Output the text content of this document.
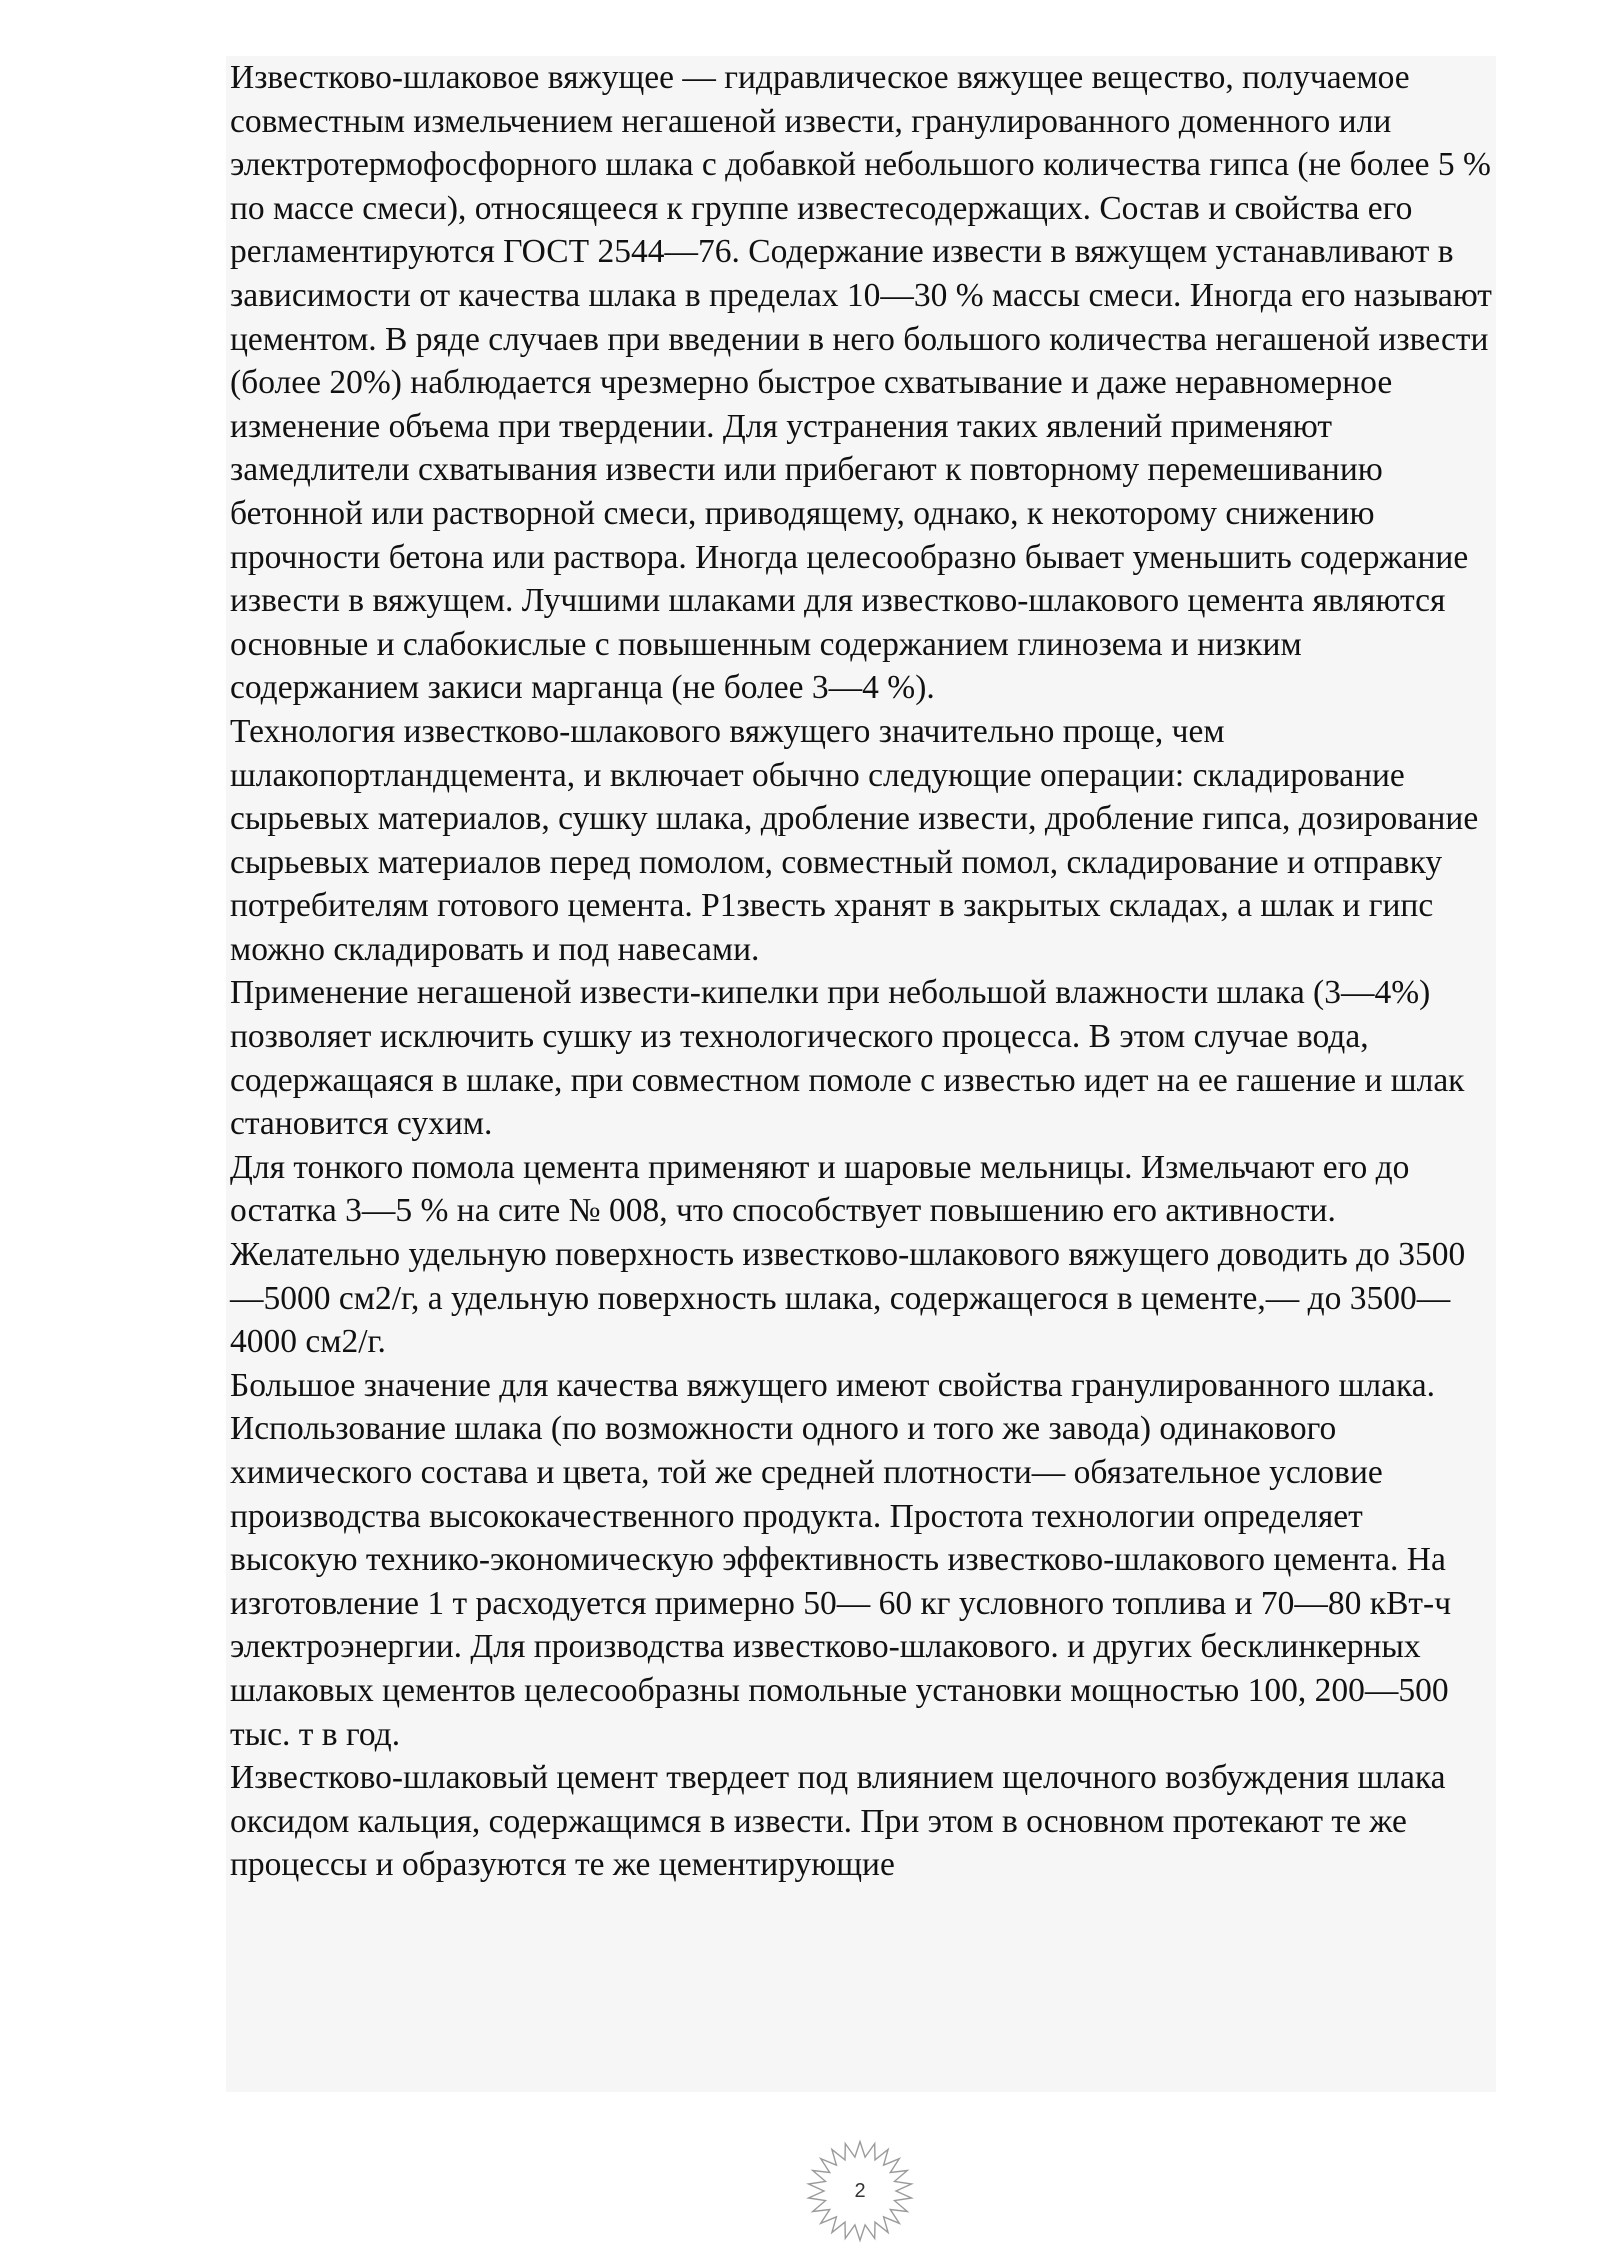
Известково-шлаковое вяжущее — гидравлическое вяжущее вещество, получаемое совместным измельчением негашеной извести, гранулированного доменного или электротермофосфорного шлака с добавкой небольшого количества гипса (не более 5 % по массе смеси), относящееся к группе известесодержащих. Состав и свойства его регламентируются ГОСТ 2544—76. Содержание извести в вяжущем устанавливают в зависимости от качества шлака в пределах 10—30 % массы смеси. Иногда его называют цементом. В ряде случаев при введении в него большого количества негашеной извести (более 20%) наблюдается чрезмерно быстрое схватывание и даже неравномерное изменение объема при твердении. Для устранения таких явлений применяют замедлители схватывания извести или прибегают к повторному перемешиванию бетонной или растворной смеси, приводящему, однако, к некоторому снижению прочности бетона или раствора. Иногда целесообразно бывает уменьшить содержание извести в вяжущем. Лучшими шлаками для известково-шлакового цемента являются основные и слабокислые с повышенным содержанием глинозема и низким содержанием закиси марганца (не более 3—4 %).

Технология известково-шлакового вяжущего значительно проще, чем шлакопортландцемента, и включает обычно следующие операции: складирование сырьевых материалов, сушку шлака, дробление извести, дробление гипса, дозирование сырьевых материалов перед помолом, совместный помол, складирование и отправку потребителям готового цемента. Р1звесть хранят в закрытых складах, а шлак и гипс можно складировать и под навесами.

Применение негашеной извести-кипелки при небольшой влажности шлака (3—4%) позволяет исключить сушку из технологического процесса. В этом случае вода, содержащаяся в шлаке, при совместном помоле с известью идет на ее гашение и шлак становится сухим.

Для тонкого помола цемента применяют и шаровые мельницы. Измельчают его до остатка 3—5 % на сите № 008, что способствует повышению его активности. Желательно удельную поверхность известково-шлакового вяжущего доводить до 3500—5000 см2/г, а удельную поверхность шлака, содержащегося в цементе,— до 3500—4000 см2/г.

Большое значение для качества вяжущего имеют свойства гранулированного шлака. Использование шлака (по возможности одного и того же завода) одинакового химического состава и цвета, той же средней плотности— обязательное условие производства высококачественного продукта. Простота технологии определяет высокую технико-экономическую эффективность известково-шлакового цемента. На изготовление 1 т расходуется примерно 50— 60 кг условного топлива и 70—80 кВт-ч электроэнергии. Для производства известково-шлакового. и других бесклинкерных шлаковых цементов целесообразны помольные установки мощностью 100, 200—500 тыс. т в год.

Известково-шлаковый цемент твердеет под влиянием щелочного возбуждения шлака оксидом кальция, содержащимся в извести. При этом в основном протекают те же процессы и образуются те же цементирующие

2
